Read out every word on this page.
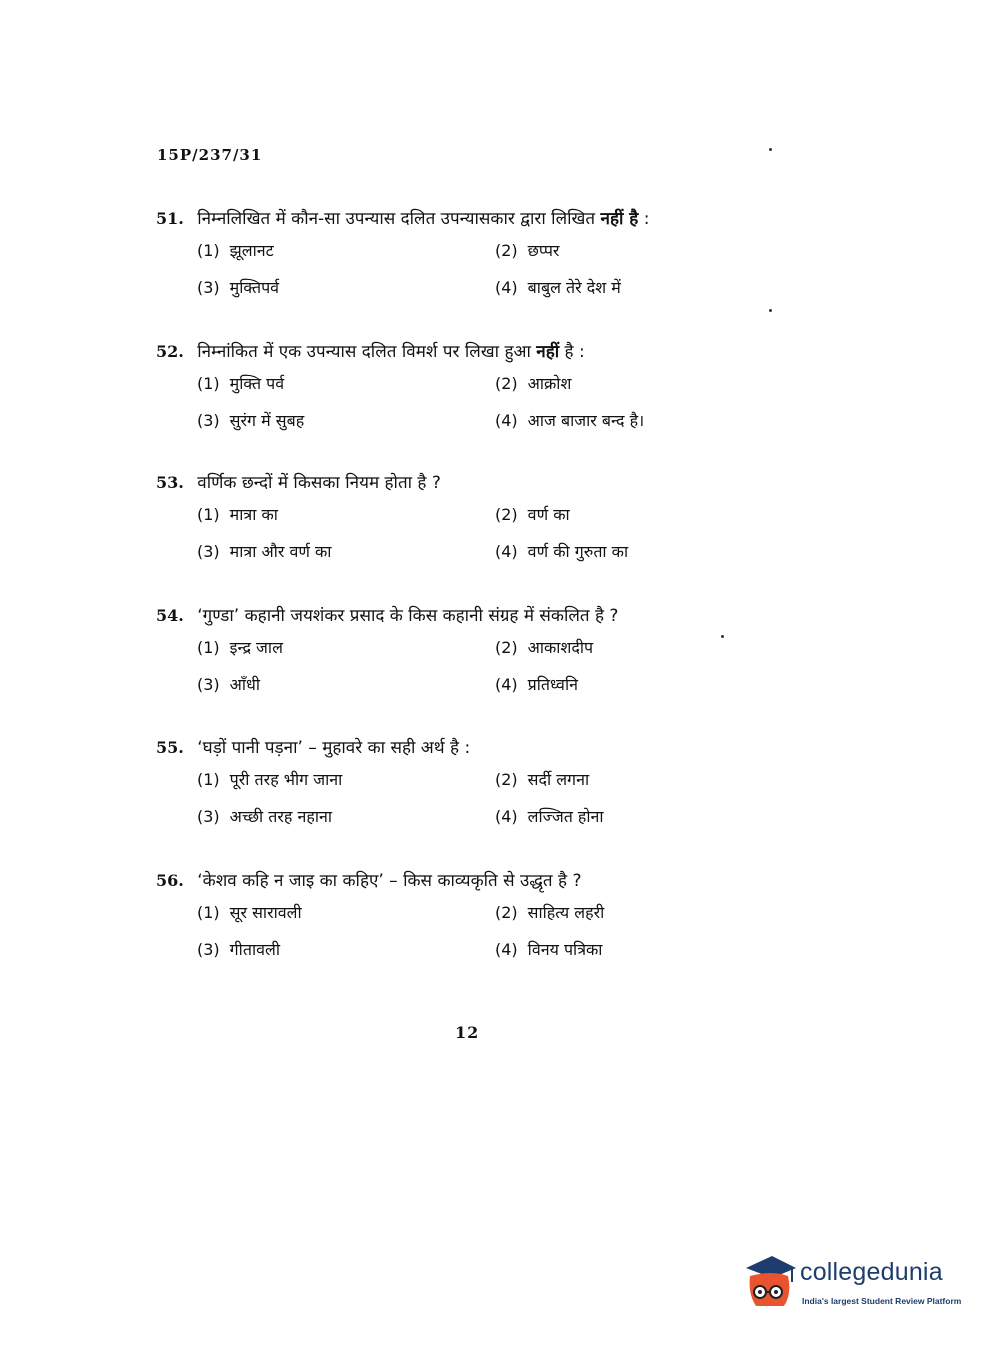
15P/237/31
51. निम्नलिखित में कौन-सा उपन्यास दलित उपन्यासकार द्वारा लिखित नहीं है :
(1) झूलानट	(2) छप्पर
(3) मुक्तिपर्व	(4) बाबुल तेरे देश में
52. निम्नांकित में एक उपन्यास दलित विमर्श पर लिखा हुआ नहीं है :
(1) मुक्ति पर्व	(2) आक्रोश
(3) सुरंग में सुबह	(4) आज बाजार बन्द है।
53. वर्णिक छन्दों में किसका नियम होता है ?
(1) मात्रा का	(2) वर्ण का
(3) मात्रा और वर्ण का	(4) वर्ण की गुरुता का
54. ‘गुण्डा’ कहानी जयशंकर प्रसाद के किस कहानी संग्रह में संकलित है ?
(1) इन्द्र जाल	(2) आकाशदीप
(3) आँधी	(4) प्रतिध्वनि
55. ‘घड़ों पानी पड़ना’ – मुहावरे का सही अर्थ है :
(1) पूरी तरह भीग जाना	(2) सर्दी लगना
(3) अच्छी तरह नहाना	(4) लज्जित होना
56. ‘केशव कहि न जाइ का कहिए’ – किस काव्यकृति से उद्धृत है ?
(1) सूर सारावली	(2) साहित्य लहरी
(3) गीतावली	(4) विनय पत्रिका
12
collegedunia
India's largest Student Review Platform
